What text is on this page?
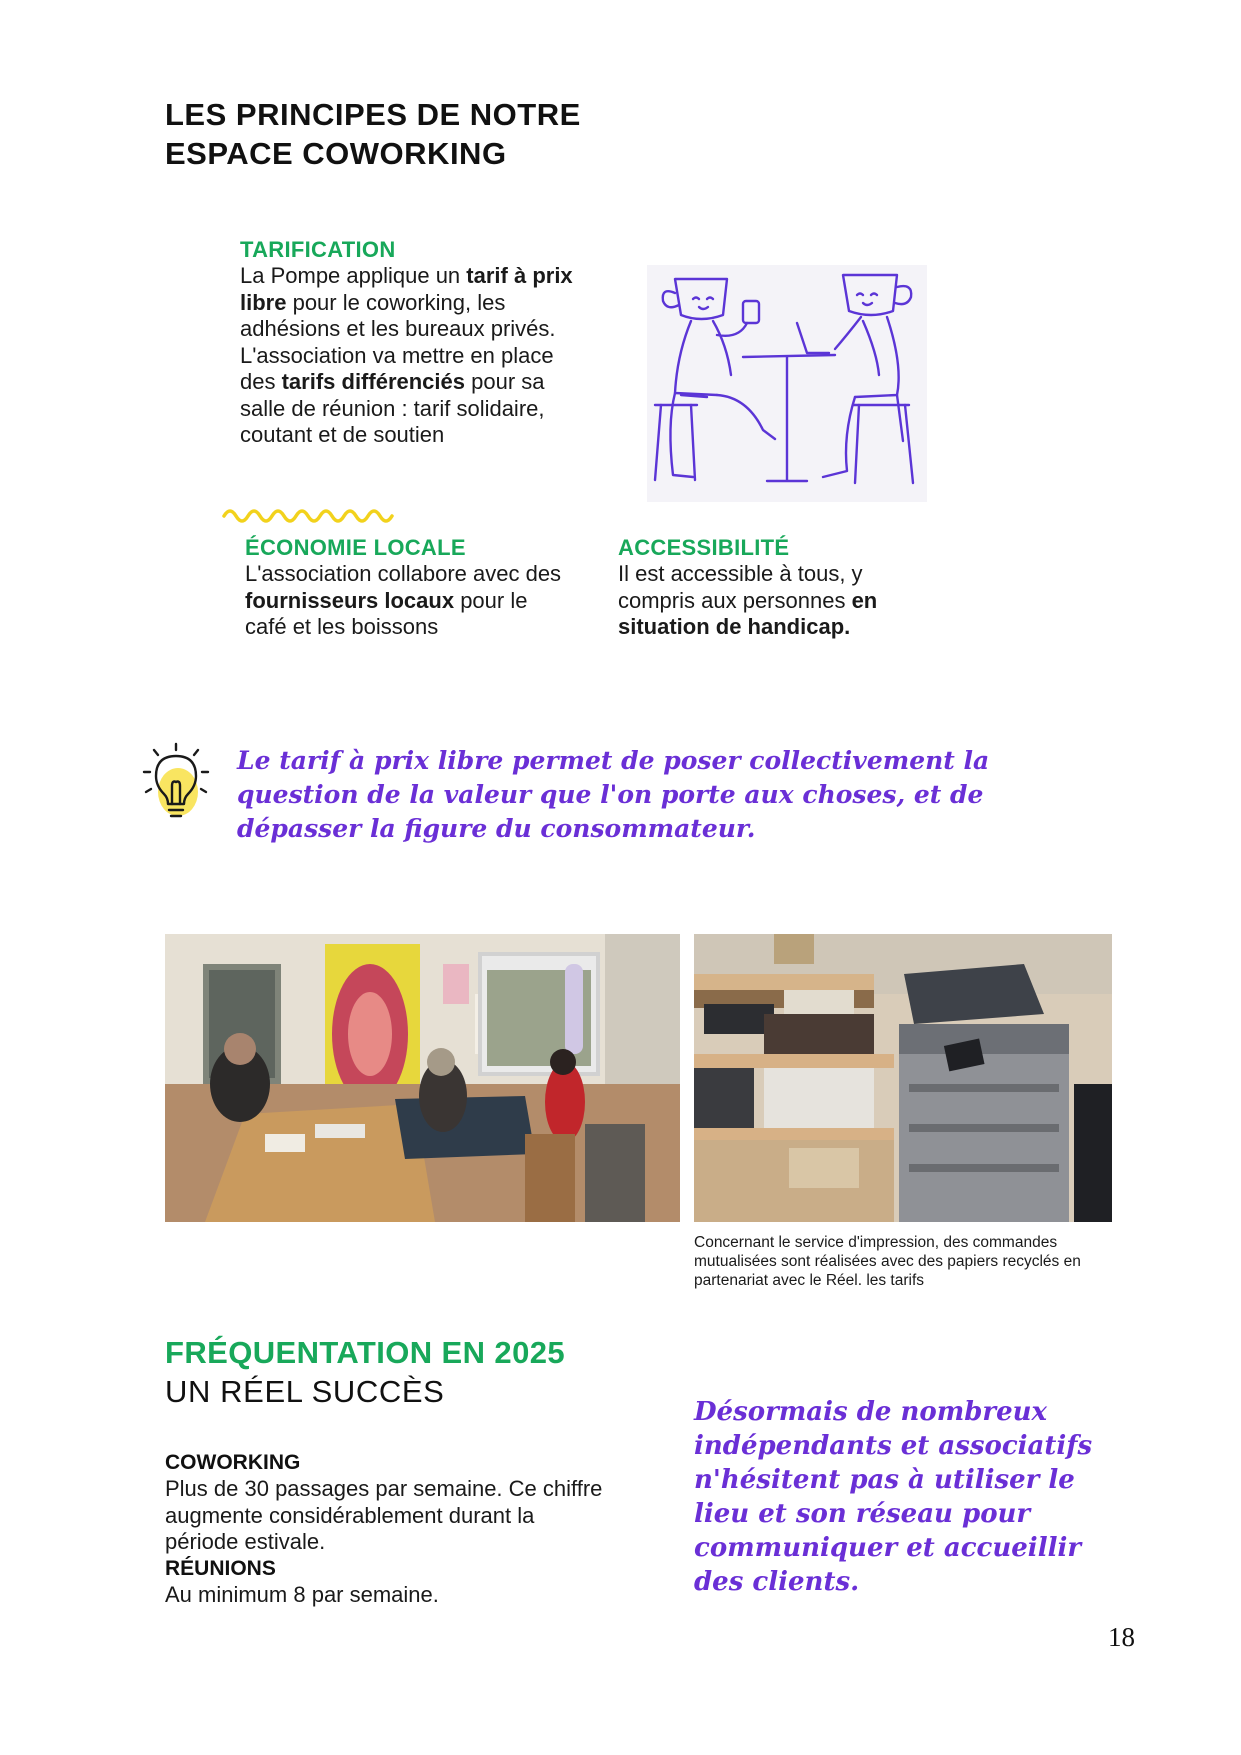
LES PRINCIPES DE NOTRE
ESPACE COWORKING
TARIFICATION
La Pompe applique un tarif à prix libre pour le coworking, les adhésions et les bureaux privés.
L'association va mettre en place des tarifs différenciés pour sa salle de réunion : tarif solidaire, coutant et de soutien
ÉCONOMIE LOCALE
L'association collabore avec des fournisseurs locaux pour le café et les boissons
ACCESSIBILITÉ
Il est accessible à tous, y compris aux personnes en situation de handicap.
Le tarif à prix libre permet de poser collectivement la question de la valeur que l'on porte aux choses, et de dépasser la figure du consommateur.
Concernant le service d'impression, des commandes mutualisées sont réalisées avec des papiers recyclés en partenariat avec le Réel. les tarifs
FRÉQUENTATION EN 2025
UN RÉEL SUCCÈS
COWORKING
Plus de 30 passages par semaine. Ce chiffre augmente considérablement durant la période estivale.
RÉUNIONS
Au minimum 8 par semaine.
Désormais de nombreux indépendants et associatifs n'hésitent pas à utiliser le lieu et son réseau pour communiquer et accueillir des clients.
18
